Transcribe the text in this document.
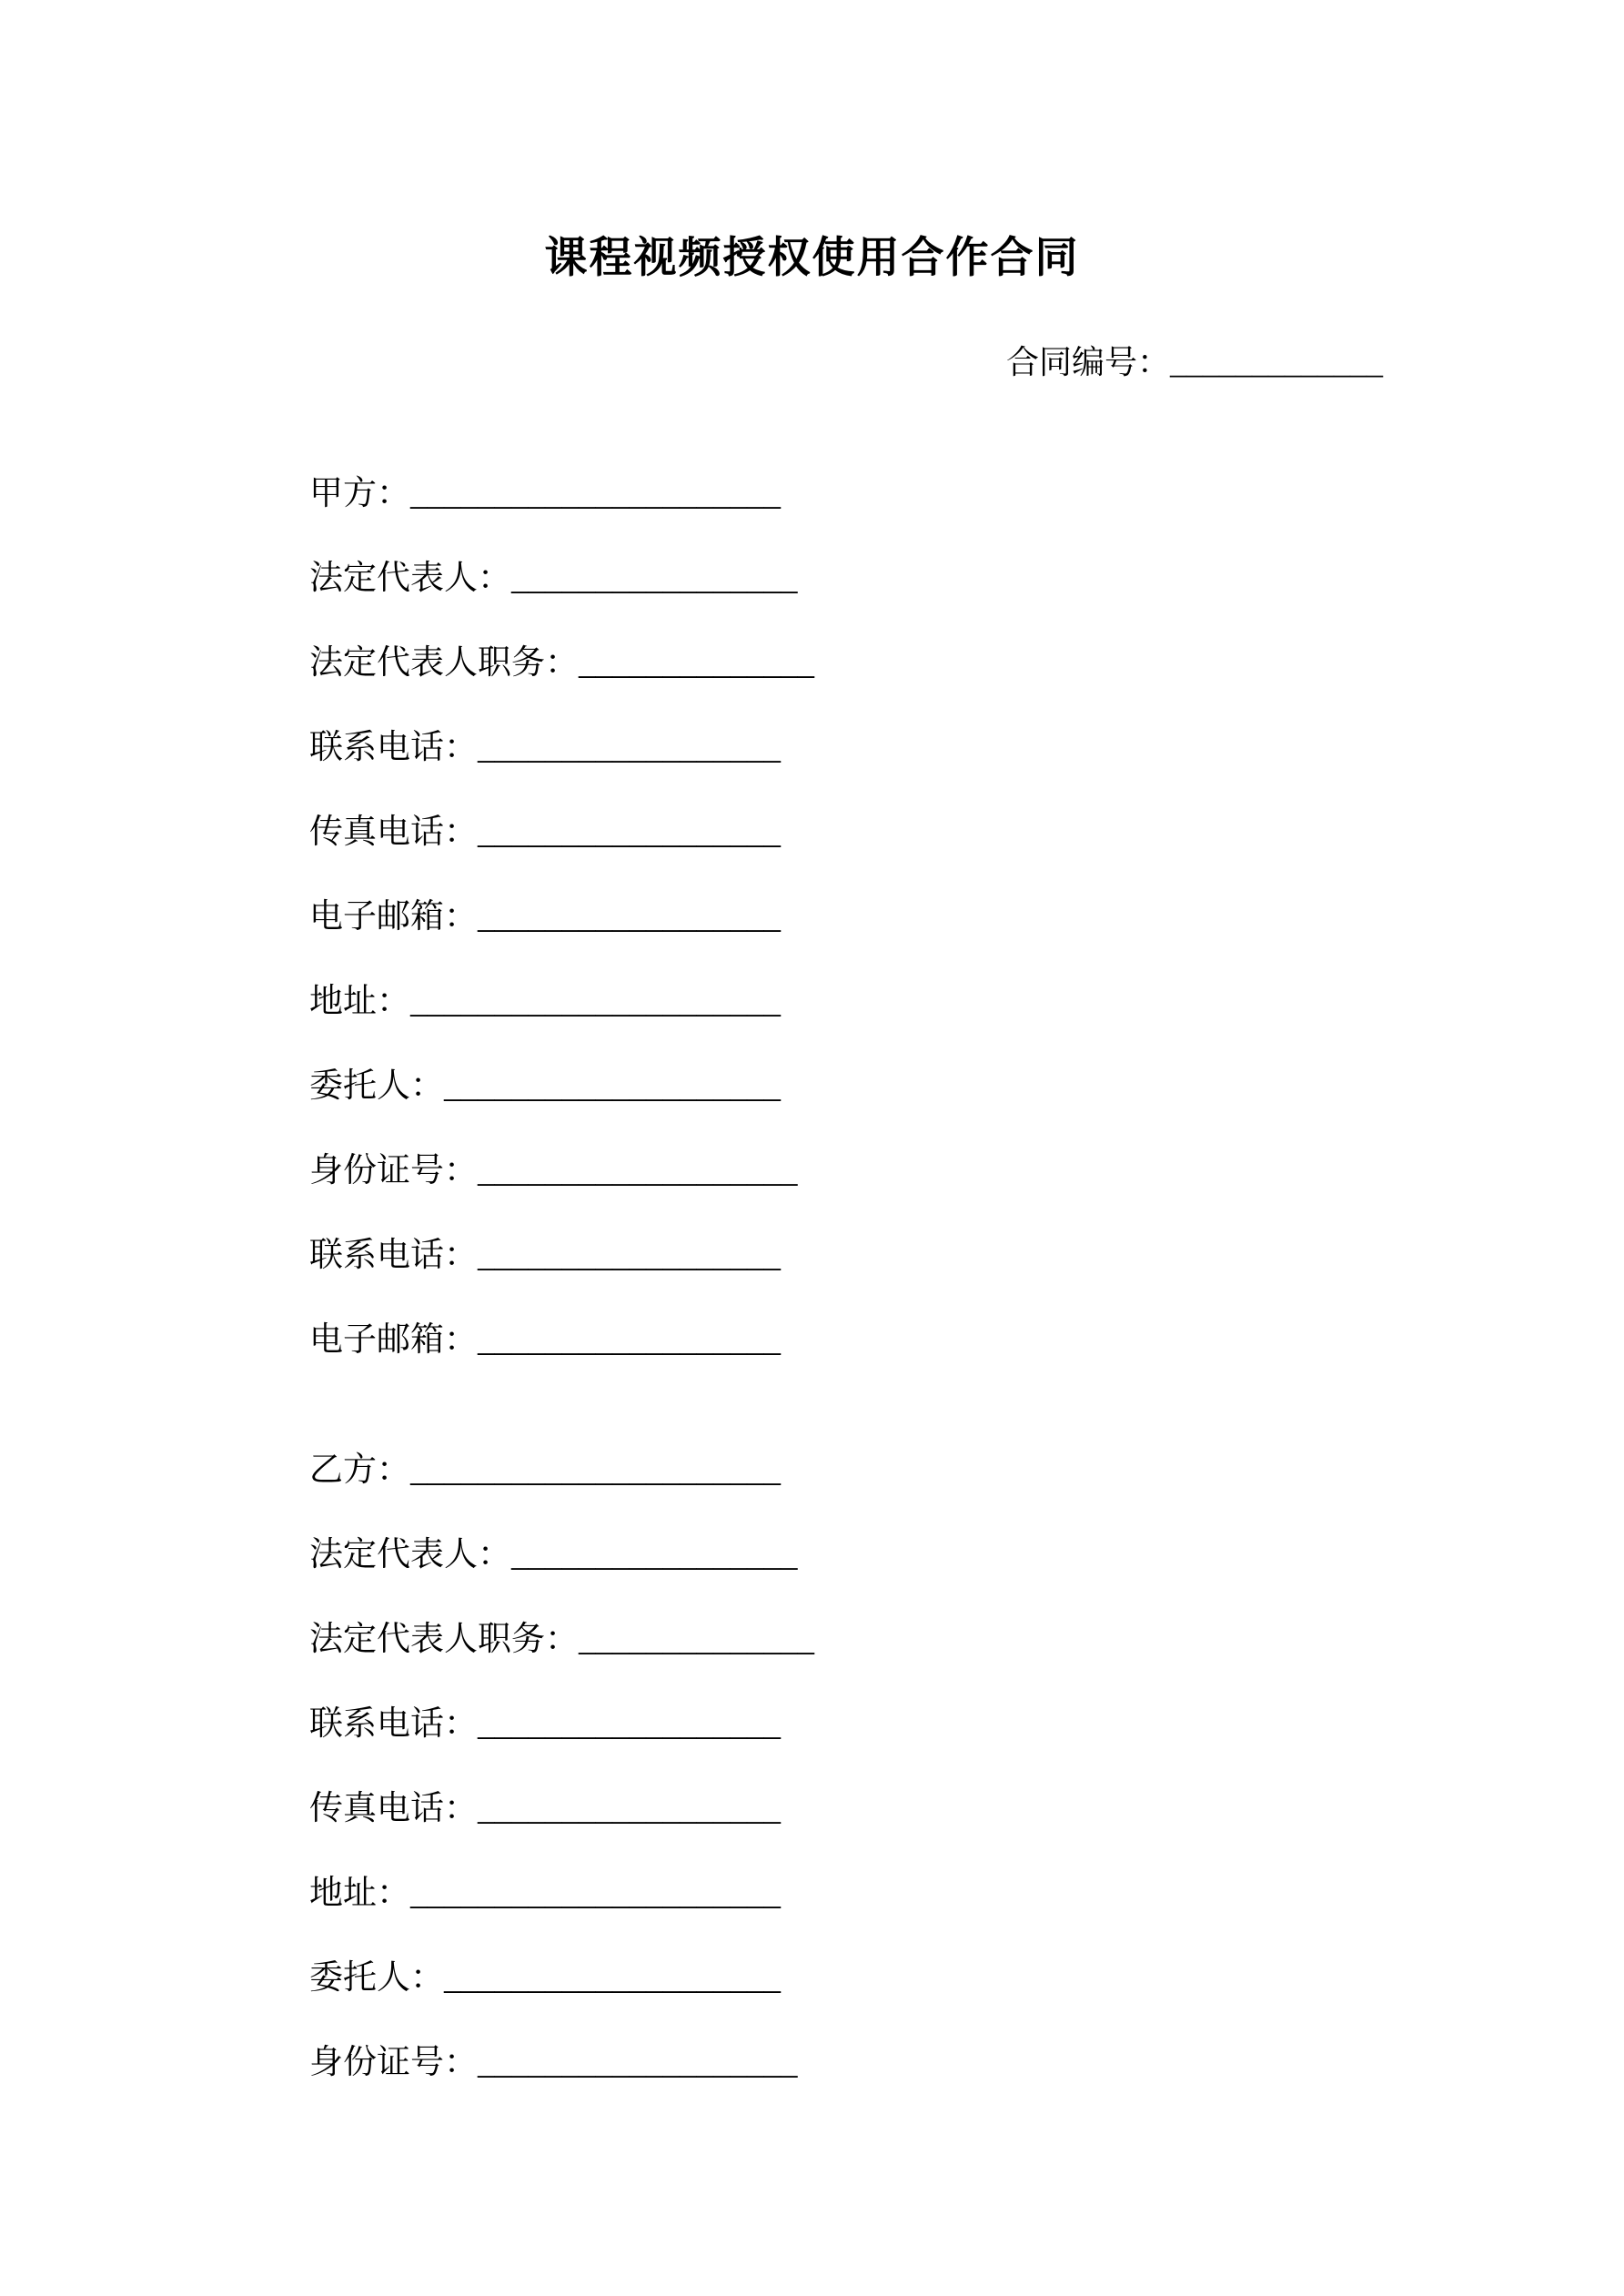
课程视频授权使用合作合同
合同编号：_____________
甲方：______________________
法定代表人：_________________
法定代表人职务：______________
联系电话：__________________
传真电话：__________________
电子邮箱：__________________
地址：______________________
委托人：____________________
身份证号：___________________
联系电话：__________________
电子邮箱：__________________
乙方：______________________
法定代表人：_________________
法定代表人职务：______________
联系电话：__________________
传真电话：__________________
地址：______________________
委托人：____________________
身份证号：___________________
